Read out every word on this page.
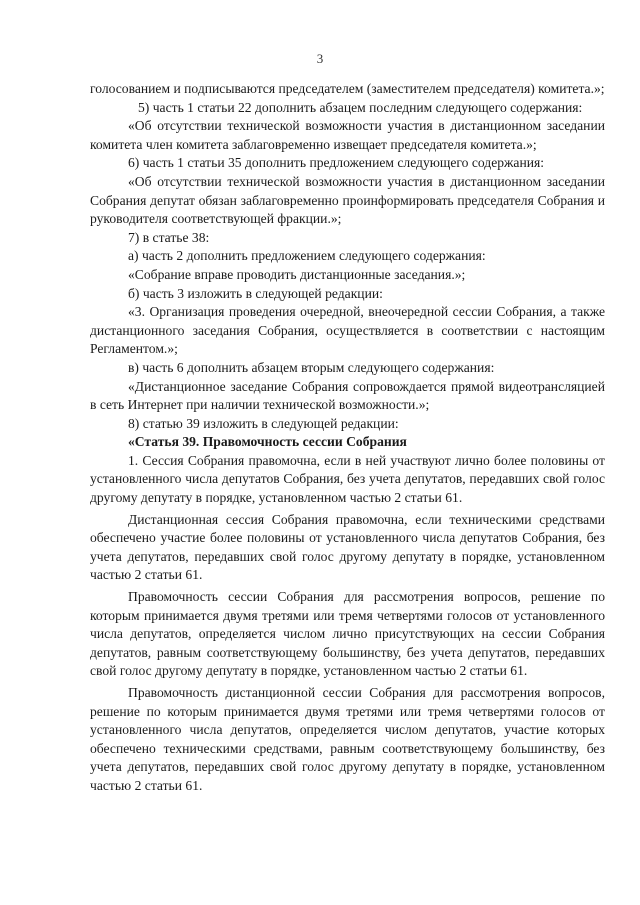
3

голосованием и подписываются председателем (заместителем председателя) комитета.»;

5) часть 1 статьи 22 дополнить абзацем последним следующего содержания:

«Об отсутствии технической возможности участия в дистанционном заседании комитета член комитета заблаговременно извещает председателя комитета.»;

6) часть 1 статьи 35 дополнить предложением следующего содержания:

«Об отсутствии технической возможности участия в дистанционном заседании Собрания депутат обязан заблаговременно проинформировать председателя Собрания и руководителя соответствующей фракции.»;

7) в статье 38:

а) часть 2 дополнить предложением следующего содержания:

«Собрание вправе проводить дистанционные заседания.»;

б) часть 3 изложить в следующей редакции:

«3. Организация проведения очередной, внеочередной сессии Собрания, а также дистанционного заседания Собрания, осуществляется в соответствии с настоящим Регламентом.»;

в) часть 6 дополнить абзацем вторым следующего содержания:

«Дистанционное заседание Собрания сопровождается прямой видеотрансляцией в сеть Интернет при наличии технической возможности.»;

8) статью 39 изложить в следующей редакции:

«Статья 39. Правомочность сессии Собрания

1. Сессия Собрания правомочна, если в ней участвуют лично более половины от установленного числа депутатов Собрания, без учета депутатов, передавших свой голос другому депутату в порядке, установленном частью 2 статьи 61.

Дистанционная сессия Собрания правомочна, если техническими средствами обеспечено участие более половины от установленного числа депутатов Собрания, без учета депутатов, передавших свой голос другому депутату в порядке, установленном частью 2 статьи 61.

Правомочность сессии Собрания для рассмотрения вопросов, решение по которым принимается двумя третями или тремя четвертями голосов от установленного числа депутатов, определяется числом лично присутствующих на сессии Собрания депутатов, равным соответствующему большинству, без учета депутатов, передавших свой голос другому депутату в порядке, установленном частью 2 статьи 61.

Правомочность дистанционной сессии Собрания для рассмотрения вопросов, решение по которым принимается двумя третями или тремя четвертями голосов от установленного числа депутатов, определяется числом депутатов, участие которых обеспечено техническими средствами, равным соответствующему большинству, без учета депутатов, передавших свой голос другому депутату в порядке, установленном частью 2 статьи 61.
